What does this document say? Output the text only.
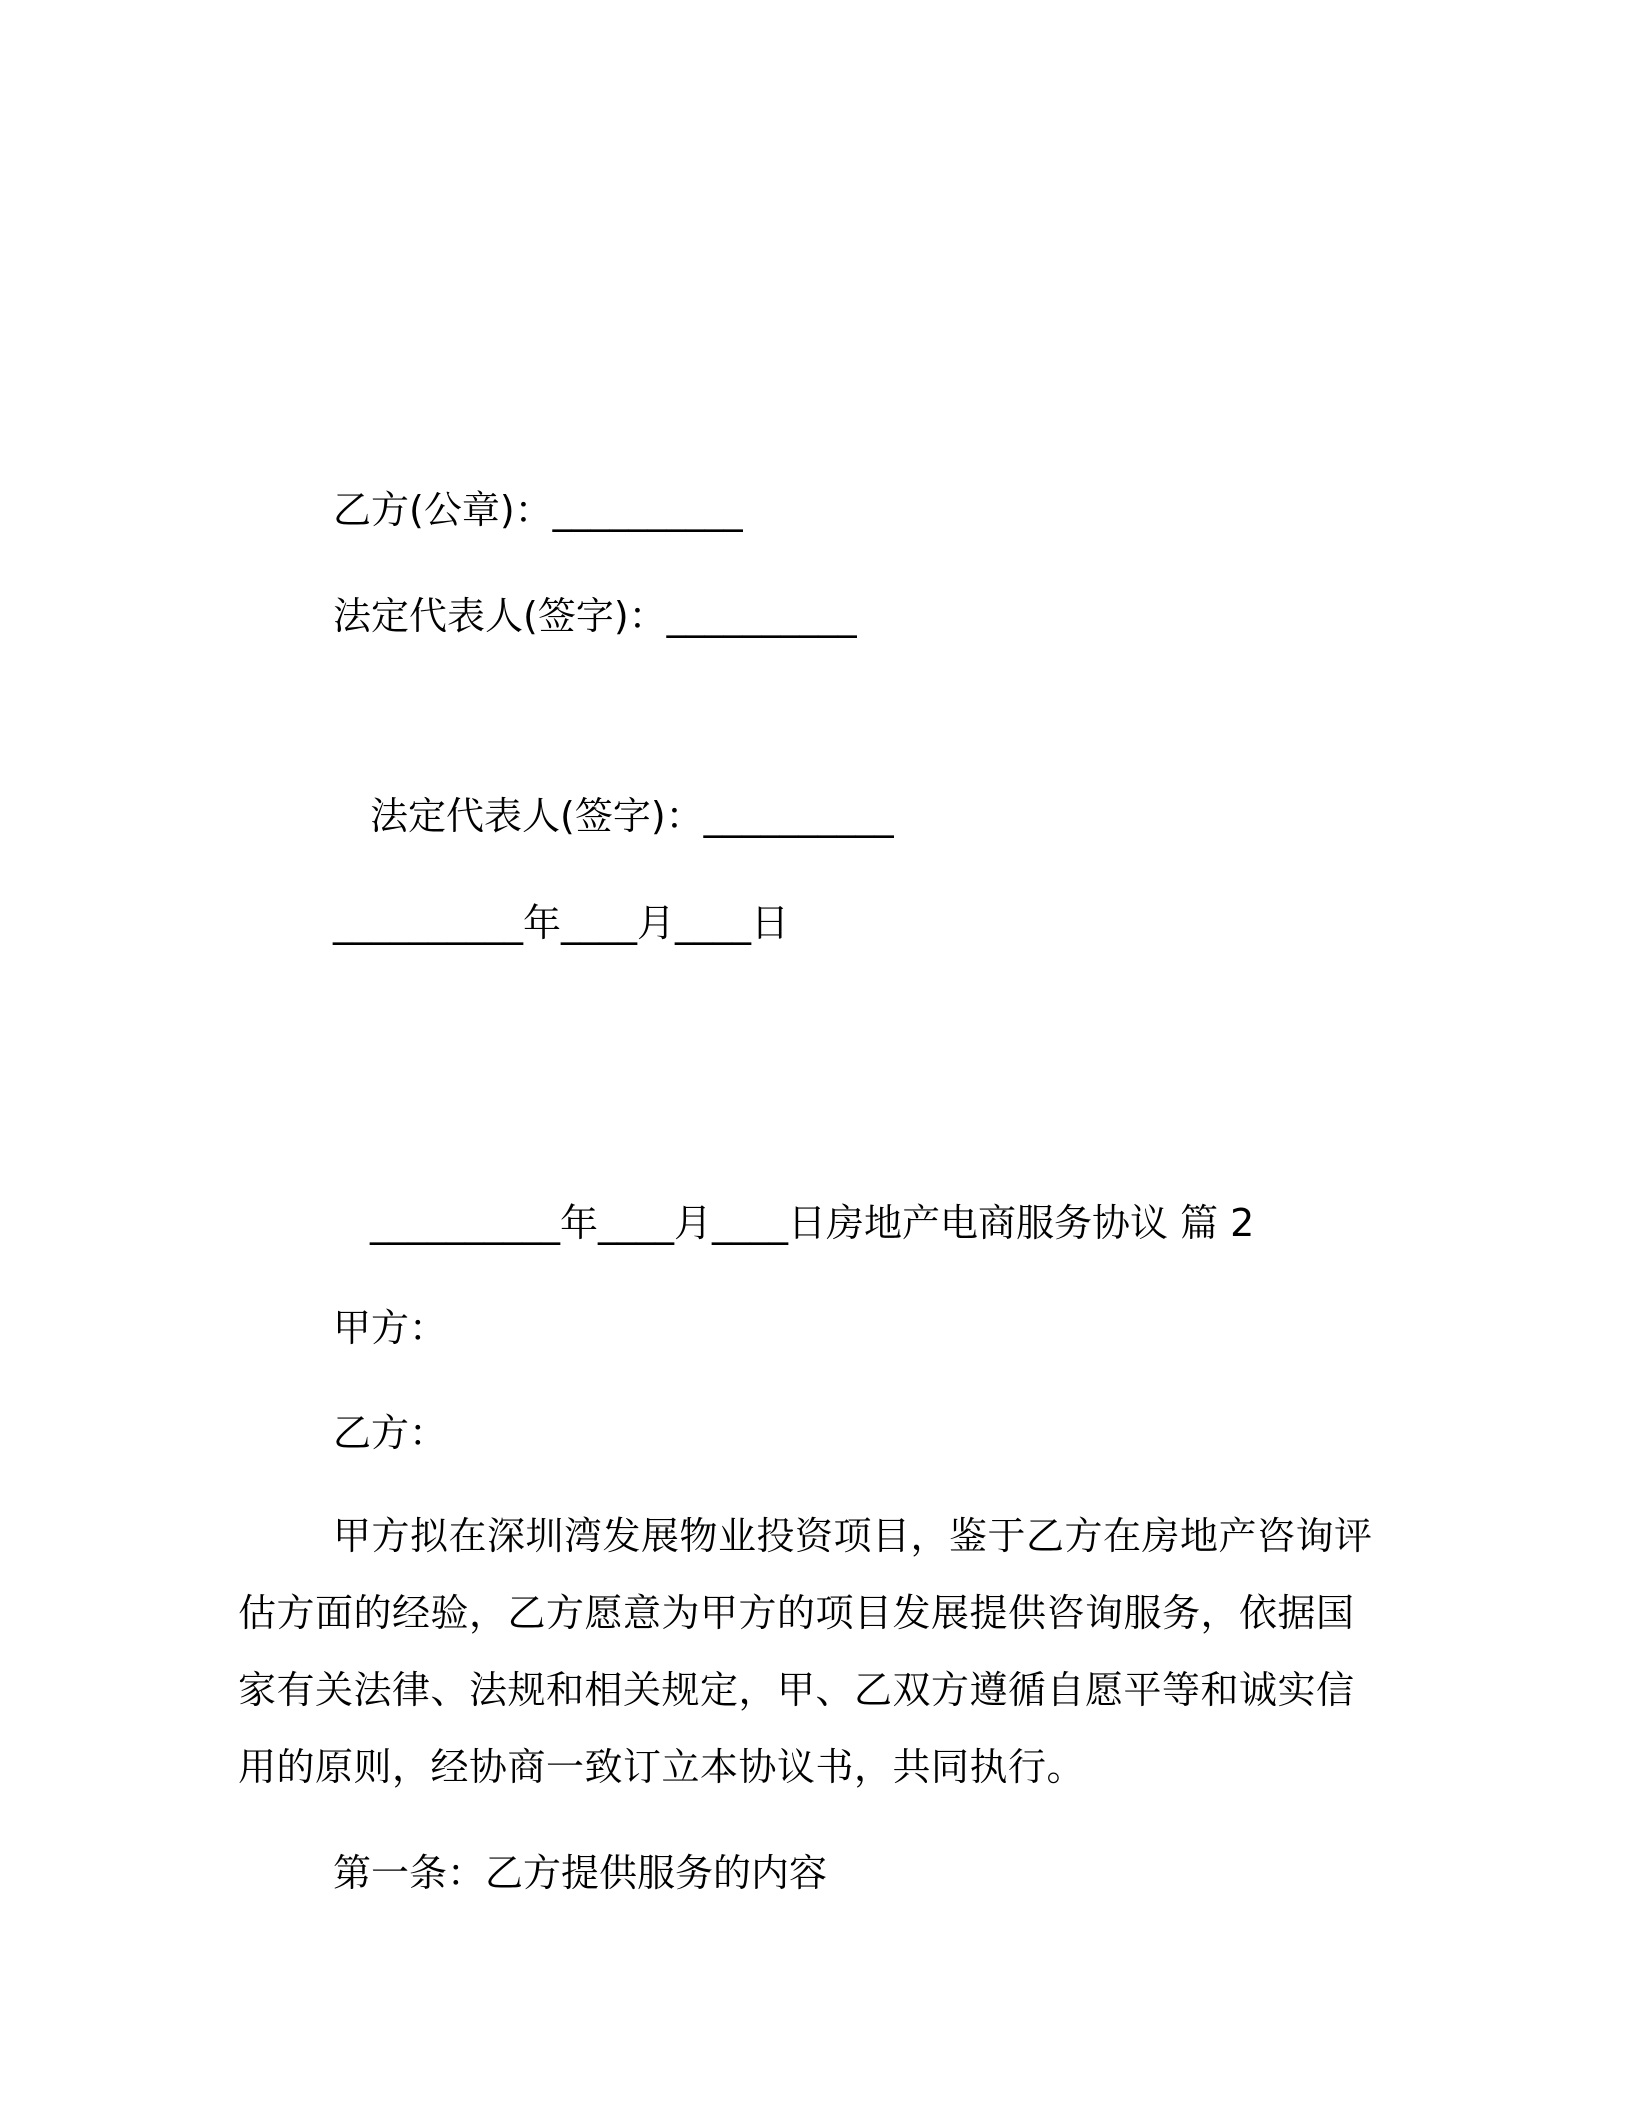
乙方(公章)：__________
法定代表人(签字)：__________
法定代表人(签字)：__________
__________年____月____日
__________年____月____日房地产电商服务协议 篇 2
甲方：
乙方：
甲方拟在深圳湾发展物业投资项目，鉴于乙方在房地产咨询评估方面的经验，乙方愿意为甲方的项目发展提供咨询服务，依据国家有关法律、法规和相关规定，甲、乙双方遵循自愿平等和诚实信用的原则，经协商一致订立本协议书，共同执行。
第一条：乙方提供服务的内容
